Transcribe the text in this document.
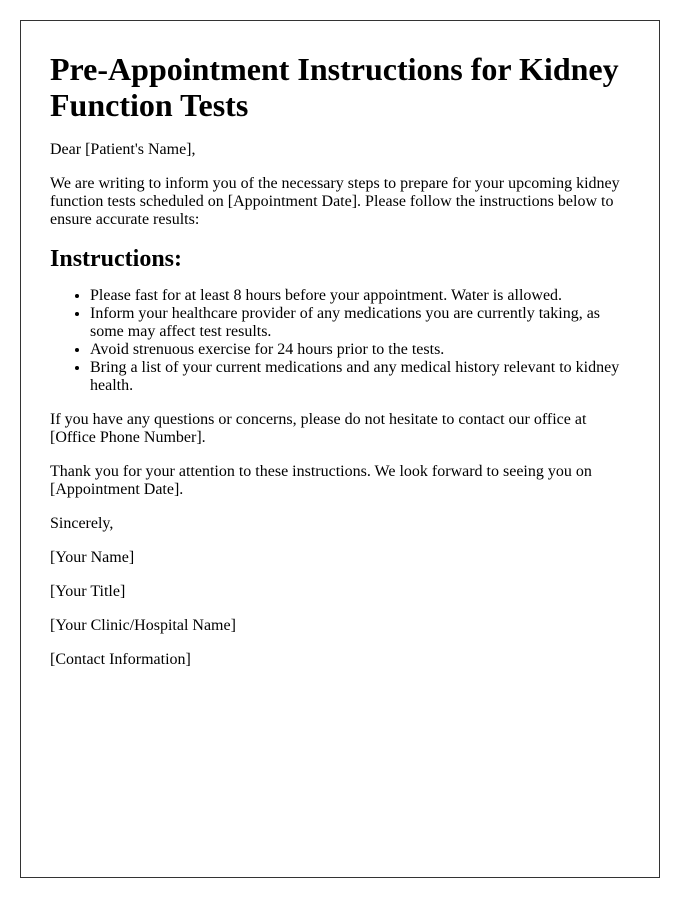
Pre-Appointment Instructions for Kidney Function Tests

Dear [Patient's Name],

We are writing to inform you of the necessary steps to prepare for your upcoming kidney function tests scheduled on [Appointment Date]. Please follow the instructions below to ensure accurate results:

Instructions:
• Please fast for at least 8 hours before your appointment. Water is allowed.
• Inform your healthcare provider of any medications you are currently taking, as some may affect test results.
• Avoid strenuous exercise for 24 hours prior to the tests.
• Bring a list of your current medications and any medical history relevant to kidney health.

If you have any questions or concerns, please do not hesitate to contact our office at [Office Phone Number].

Thank you for your attention to these instructions. We look forward to seeing you on [Appointment Date].

Sincerely,

[Your Name]

[Your Title]

[Your Clinic/Hospital Name]

[Contact Information]
